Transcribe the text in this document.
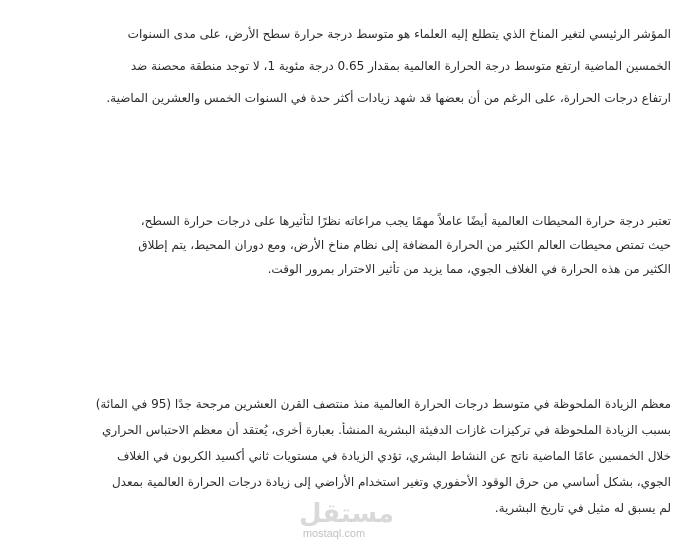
المؤشر الرئيسي لتغير المناخ الذي يتطلع إليه العلماء هو متوسط درجة حرارة سطح الأرض، على مدى السنوات
الخمسين الماضية ارتفع متوسط درجة الحرارة العالمية بمقدار 0.65 درجة مئوية 1، لا توجد منطقة محصنة ضد
ارتفاع درجات الحرارة، على الرغم من أن بعضها قد شهد زيادات أكثر حدة في السنوات الخمس والعشرين الماضية.
تعتبر درجة حرارة المحيطات العالمية أيضًا عاملاً مهمًا يجب مراعاته نظرًا لتأثيرها على درجات حرارة السطح،
حيث تمتص محيطات العالم الكثير من الحرارة المضافة إلى نظام مناخ الأرض، ومع دوران المحيط، يتم إطلاق
الكثير من هذه الحرارة في الغلاف الجوي، مما يزيد من تأثير الاحترار بمرور الوقت.
معظم الزيادة الملحوظة في متوسط درجات الحرارة العالمية منذ منتصف القرن العشرين مرجحة جدًا (95 في المائة)
بسبب الزيادة الملحوظة في تركيزات غازات الدفيئة البشرية المنشأ. بعبارة أخرى، يُعتقد أن معظم الاحتباس الحراري
خلال الخمسين عامًا الماضية ناتج عن النشاط البشري، تؤدي الزيادة في مستويات ثاني أكسيد الكربون في الغلاف
الجوي، بشكل أساسي من حرق الوقود الأحفوري وتغير استخدام الأراضي إلى زيادة درجات الحرارة العالمية بمعدل
لم يسبق له مثيل في تاريخ البشرية.
مستقل
mostaql.com
